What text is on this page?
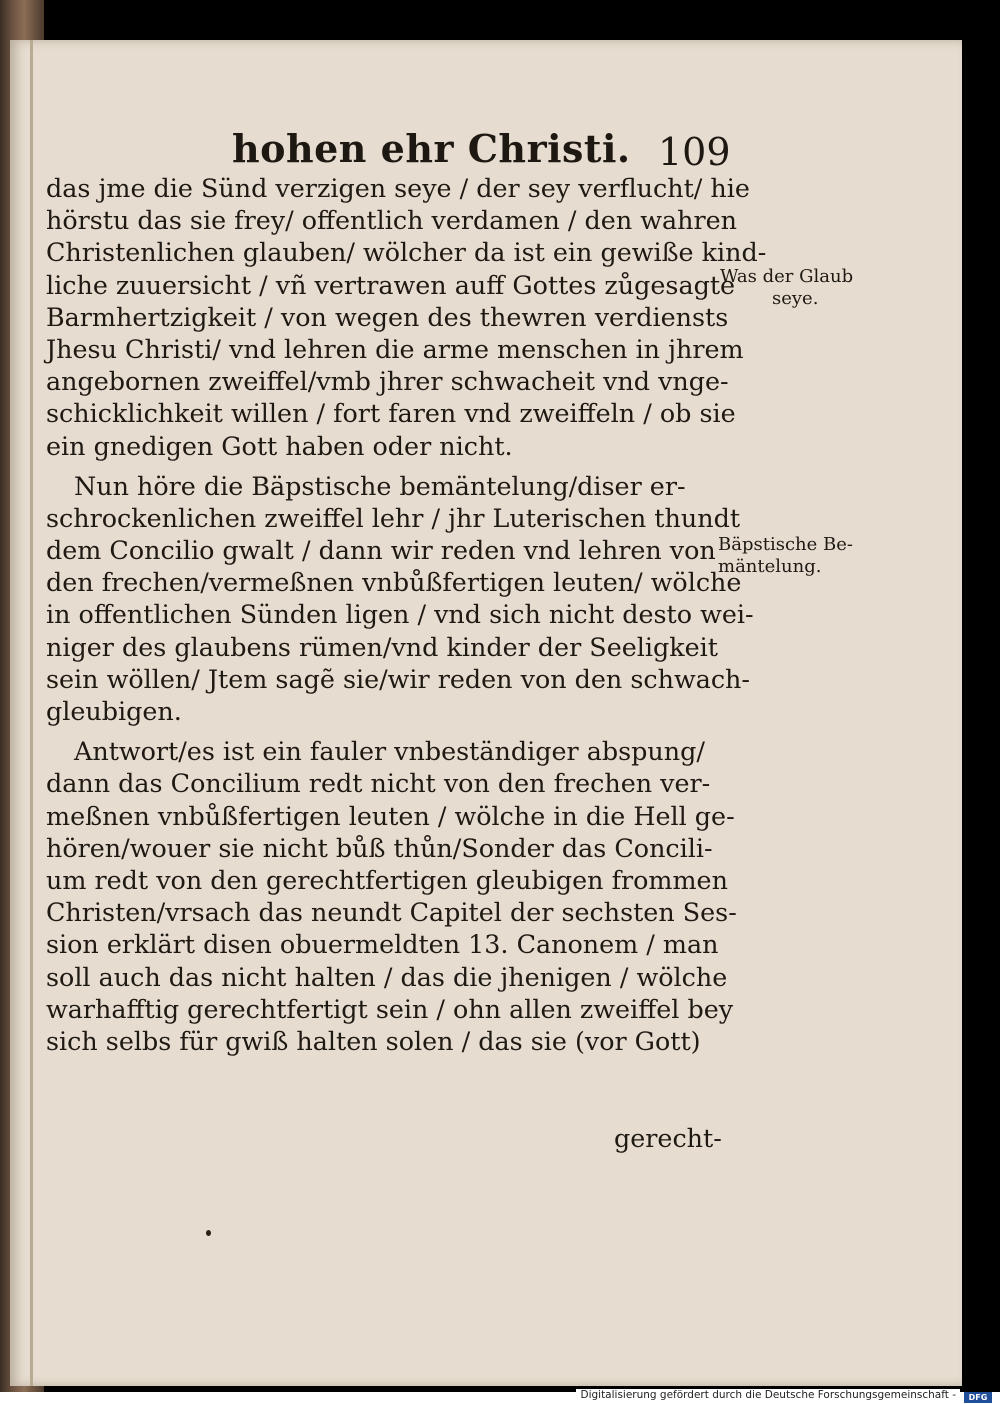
hohen ehr Christi. 109
das jme die Sünd verzigen seye / der sey verflucht/ hie
hörstu das sie frey/ offentlich verdamen / den wahren
Christenlichen glauben/ wölcher da ist ein gewiße kind-
liche zuuersicht / vñ vertrawen auff Gottes zůgesagte
Barmhertzigkeit / von wegen des thewren verdiensts
Jhesu Christi/ vnd lehren die arme menschen in jhrem
angebornen zweiffel/vmb jhrer schwacheit vnd vnge-
schicklichkeit willen / fort faren vnd zweiffeln / ob sie
ein gnedigen Gott haben oder nicht.
Nun höre die Bäpstische bemäntelung/diser er-
schrockenlichen zweiffel lehr / jhr Luterischen thundt
dem Concilio gwalt / dann wir reden vnd lehren von
den frechen/vermeßnen vnbůßfertigen leuten/ wölche
in offentlichen Sünden ligen / vnd sich nicht desto wei-
niger des glaubens rümen/vnd kinder der Seeligkeit
sein wöllen/ Jtem sagẽ sie/wir reden von den schwach-
gleubigen.
Antwort/es ist ein fauler vnbeständiger abspung/
dann das Concilium redt nicht von den frechen ver-
meßnen vnbůßfertigen leuten / wölche in die Hell ge-
hören/wouer sie nicht bůß thůn/Sonder das Concili-
um redt von den gerechtfertigen gleubigen frommen
Christen/vrsach das neundt Capitel der sechsten Ses-
sion erklärt disen obuermeldten 13. Canonem / man
soll auch das nicht halten / das die jhenigen / wölche
warhafftig gerechtfertigt sein / ohn allen zweiffel bey
sich selbs für gwiß halten solen / das sie (vor Gott)
gerecht-
Was der Glaub
seye.
Bäpstische Be-
mäntelung.
Digitalisierung gefördert durch die Deutsche Forschungsgemeinschaft -	DFG
